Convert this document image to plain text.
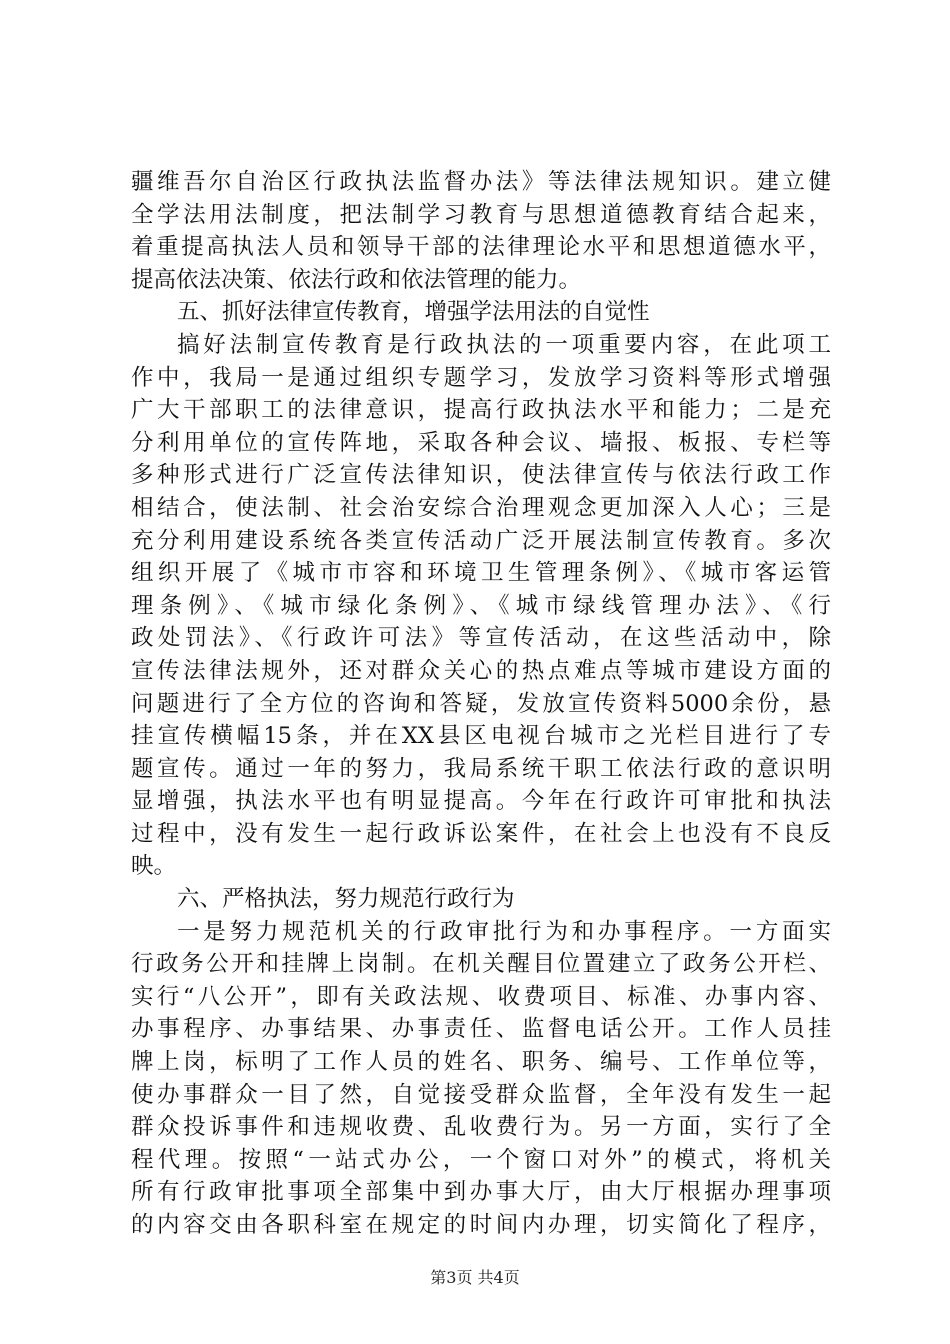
疆维吾尔自治区行政执法监督办法》等法律法规知识。建立健
全学法用法制度，把法制学习教育与思想道德教育结合起来，
着重提高执法人员和领导干部的法律理论水平和思想道德水平，
提高依法决策、依法行政和依法管理的能力。
五、抓好法律宣传教育，增强学法用法的自觉性
搞好法制宣传教育是行政执法的一项重要内容，在此项工
作中，我局一是通过组织专题学习，发放学习资料等形式增强
广大干部职工的法律意识，提高行政执法水平和能力；二是充
分利用单位的宣传阵地，采取各种会议、墙报、板报、专栏等
多种形式进行广泛宣传法律知识，使法律宣传与依法行政工作
相结合，使法制、社会治安综合治理观念更加深入人心；三是
充分利用建设系统各类宣传活动广泛开展法制宣传教育。多次
组织开展了《城市市容和环境卫生管理条例》、《城市客运管
理条例》、《城市绿化条例》、《城市绿线管理办法》、《行
政处罚法》、《行政许可法》等宣传活动，在这些活动中，除
宣传法律法规外，还对群众关心的热点难点等城市建设方面的
问题进行了全方位的咨询和答疑，发放宣传资料5000余份，悬
挂宣传横幅15条，并在XX县区电视台城市之光栏目进行了专
题宣传。通过一年的努力，我局系统干职工依法行政的意识明
显增强，执法水平也有明显提高。今年在行政许可审批和执法
过程中，没有发生一起行政诉讼案件，在社会上也没有不良反
映。
六、严格执法，努力规范行政行为
一是努力规范机关的行政审批行为和办事程序。一方面实
行政务公开和挂牌上岗制。在机关醒目位置建立了政务公开栏、
实行“八公开”，即有关政法规、收费项目、标准、办事内容、
办事程序、办事结果、办事责任、监督电话公开。工作人员挂
牌上岗，标明了工作人员的姓名、职务、编号、工作单位等，
使办事群众一目了然，自觉接受群众监督，全年没有发生一起
群众投诉事件和违规收费、乱收费行为。另一方面，实行了全
程代理。按照“一站式办公，一个窗口对外”的模式，将机关
所有行政审批事项全部集中到办事大厅，由大厅根据办理事项
的内容交由各职科室在规定的时间内办理，切实简化了程序，
第3页 共4页
